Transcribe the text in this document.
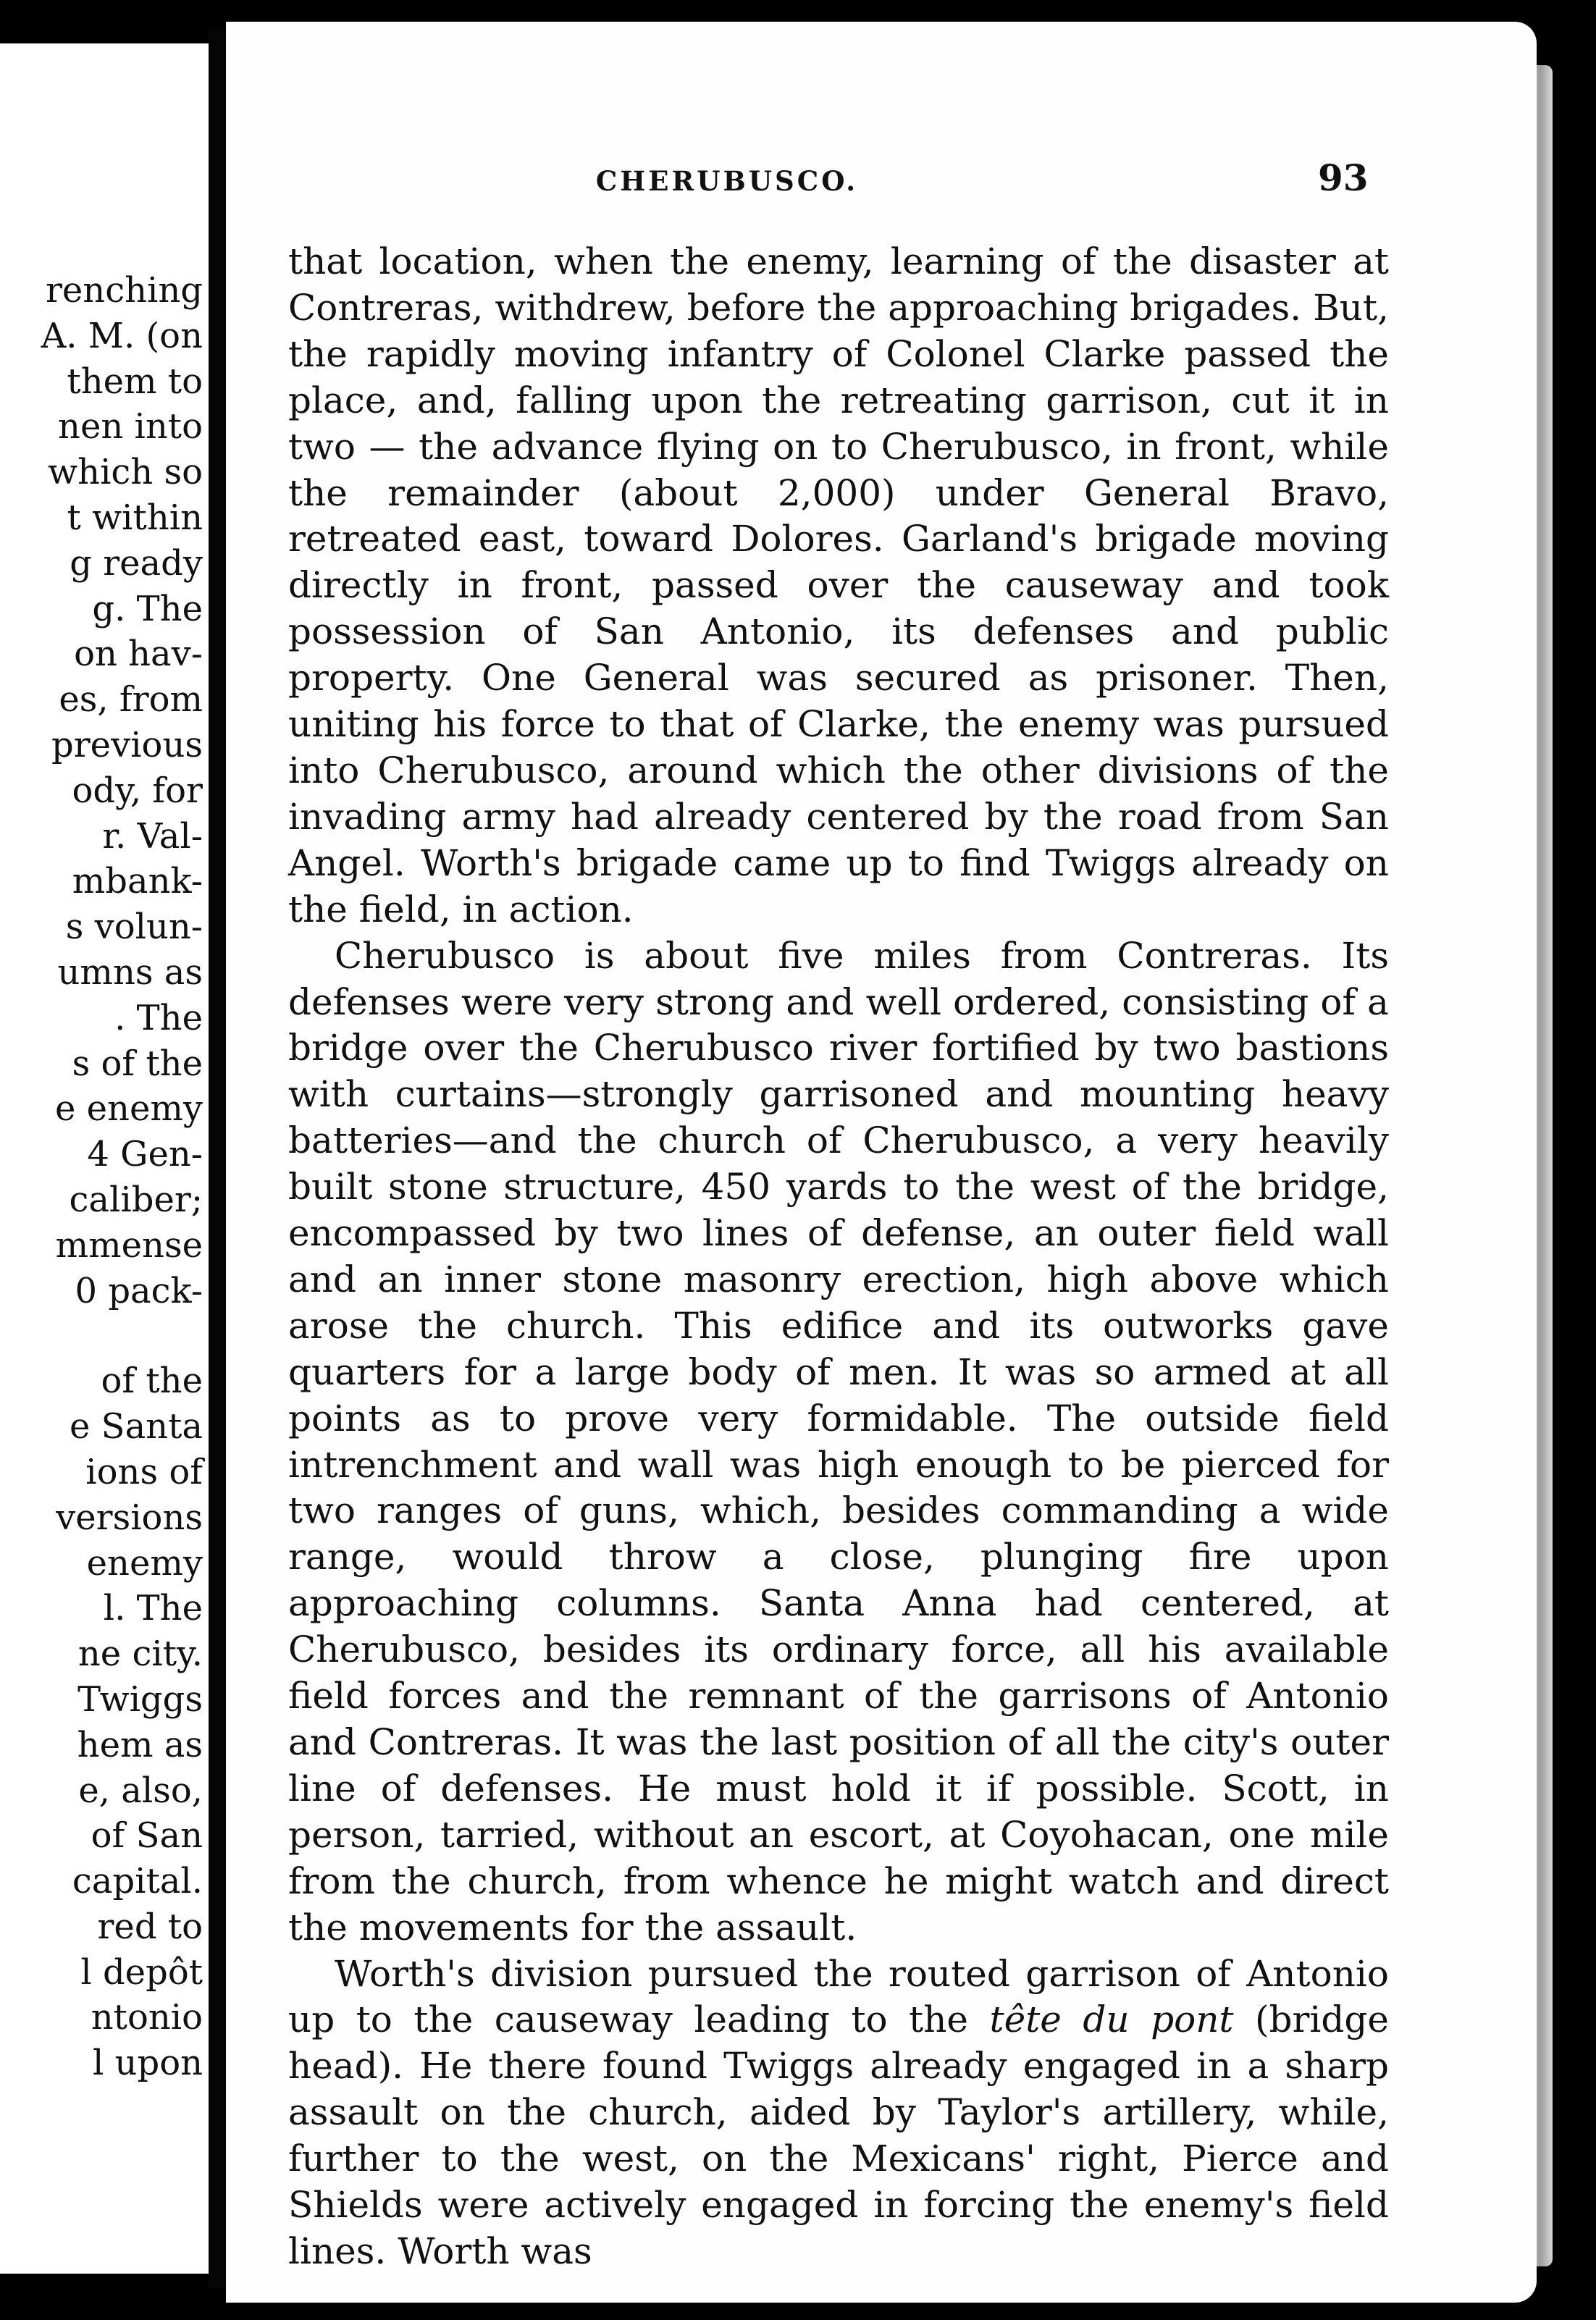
renching
A. M. (on
them to
nen into
which so
t within
g ready
g. The
on hav-
es, from
previous
ody, for
r. Val-
mbank-
s volun-
umns as
. The
s of the
e enemy
4 Gen-
caliber;
mmense
0 pack-
of the
e Santa
ions of
versions
enemy
l. The
ne city.
Twiggs
hem as
e, also,
of San
capital.
red to
l depôt
ntonio
l upon
CHERUBUSCO.	93

that location, when the enemy, learning of the disaster at Contreras, withdrew, before the approaching brigades. But, the rapidly moving infantry of Colonel Clarke passed the place, and, falling upon the retreating garrison, cut it in two — the advance flying on to Cherubusco, in front, while the remainder (about 2,000) under General Bravo, retreated east, toward Dolores. Garland's brigade moving directly in front, passed over the causeway and took possession of San Antonio, its defenses and public property. One General was secured as prisoner. Then, uniting his force to that of Clarke, the enemy was pursued into Cherubusco, around which the other divisions of the invading army had already centered by the road from San Angel. Worth's brigade came up to find Twiggs already on the field, in action.

Cherubusco is about five miles from Contreras. Its defenses were very strong and well ordered, consisting of a bridge over the Cherubusco river fortified by two bastions with curtains—strongly garrisoned and mounting heavy batteries—and the church of Cherubusco, a very heavily built stone structure, 450 yards to the west of the bridge, encompassed by two lines of defense, an outer field wall and an inner stone masonry erection, high above which arose the church. This edifice and its outworks gave quarters for a large body of men. It was so armed at all points as to prove very formidable. The outside field intrenchment and wall was high enough to be pierced for two ranges of guns, which, besides commanding a wide range, would throw a close, plunging fire upon approaching columns. Santa Anna had centered, at Cherubusco, besides its ordinary force, all his available field forces and the remnant of the garrisons of Antonio and Contreras. It was the last position of all the city's outer line of defenses. He must hold it if possible. Scott, in person, tarried, without an escort, at Coyohacan, one mile from the church, from whence he might watch and direct the movements for the assault.

Worth's division pursued the routed garrison of Antonio up to the causeway leading to the tête du pont (bridge head). He there found Twiggs already engaged in a sharp assault on the church, aided by Taylor's artillery, while, further to the west, on the Mexicans' right, Pierce and Shields were actively engaged in forcing the enemy's field lines. Worth was
